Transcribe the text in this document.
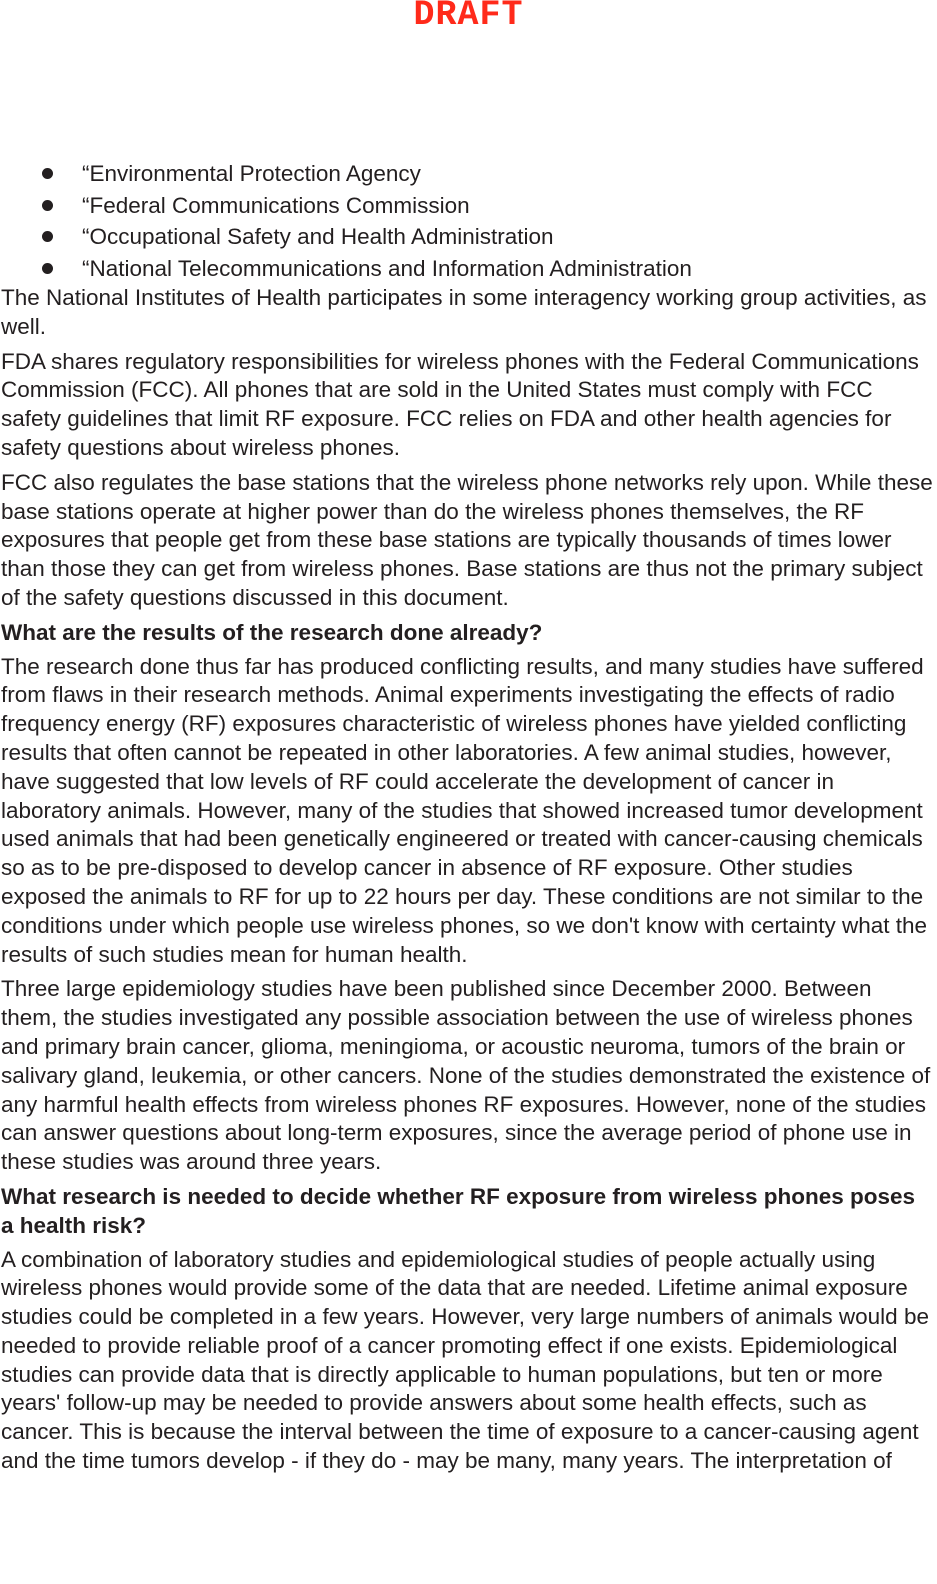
DRAFT
“Environmental Protection Agency
“Federal Communications Commission
“Occupational Safety and Health Administration
“National Telecommunications and Information Administration

The National Institutes of Health participates in some interagency working group activities, as well.

FDA shares regulatory responsibilities for wireless phones with the Federal Communications Commission (FCC). All phones that are sold in the United States must comply with FCC safety guidelines that limit RF exposure. FCC relies on FDA and other health agencies for safety questions about wireless phones.

FCC also regulates the base stations that the wireless phone networks rely upon. While these base stations operate at higher power than do the wireless phones themselves, the RF exposures that people get from these base stations are typically thousands of times lower than those they can get from wireless phones. Base stations are thus not the primary subject of the safety questions discussed in this document.

What are the results of the research done already?

The research done thus far has produced conflicting results, and many studies have suffered from flaws in their research methods. Animal experiments investigating the effects of radio frequency energy (RF) exposures characteristic of wireless phones have yielded conflicting results that often cannot be repeated in other laboratories. A few animal studies, however, have suggested that low levels of RF could accelerate the development of cancer in laboratory animals. However, many of the studies that showed increased tumor development used animals that had been genetically engineered or treated with cancer-causing chemicals so as to be pre-disposed to develop cancer in absence of RF exposure. Other studies exposed the animals to RF for up to 22 hours per day. These conditions are not similar to the conditions under which people use wireless phones, so we don't know with certainty what the results of such studies mean for human health.

Three large epidemiology studies have been published since December 2000. Between them, the studies investigated any possible association between the use of wireless phones and primary brain cancer, glioma, meningioma, or acoustic neuroma, tumors of the brain or salivary gland, leukemia, or other cancers. None of the studies demonstrated the existence of any harmful health effects from wireless phones RF exposures. However, none of the studies can answer questions about long-term exposures, since the average period of phone use in these studies was around three years.

What research is needed to decide whether RF exposure from wireless phones poses a health risk?

A combination of laboratory studies and epidemiological studies of people actually using wireless phones would provide some of the data that are needed. Lifetime animal exposure studies could be completed in a few years. However, very large numbers of animals would be needed to provide reliable proof of a cancer promoting effect if one exists. Epidemiological studies can provide data that is directly applicable to human populations, but ten or more years' follow-up may be needed to provide answers about some health effects, such as cancer. This is because the interval between the time of exposure to a cancer-causing agent and the time tumors develop - if they do - may be many, many years. The interpretation of
